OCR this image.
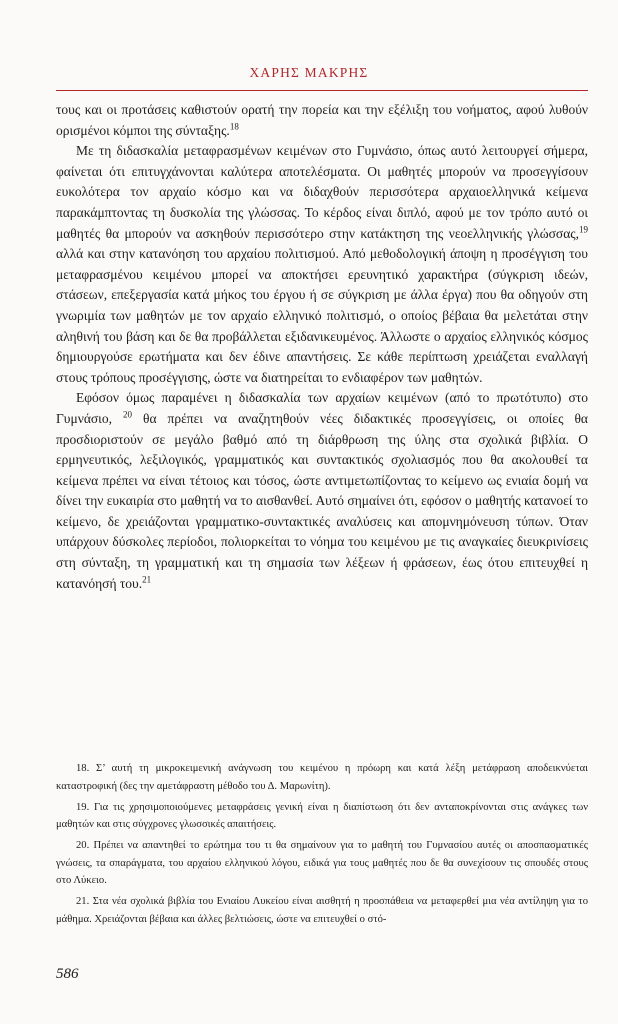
ΧΑΡΗΣ ΜΑΚΡΗΣ

τους και οι προτάσεις καθιστούν ορατή την πορεία και την εξέλιξη του νοήματος, αφού λυθούν ορισμένοι κόμποι της σύνταξης.$^{18}$

Με τη διδασκαλία μεταφρασμένων κειμένων στο Γυμνάσιο, όπως αυτό λειτουργεί σήμερα, φαίνεται ότι επιτυγχάνονται καλύτερα αποτελέσματα. Οι μαθητές μπορούν να προσεγγίσουν ευκολότερα τον αρχαίο κόσμο και να διδαχθούν περισσότερα αρχαιοελληνικά κείμενα παρακάμπτοντας τη δυσκολία της γλώσσας. Το κέρδος είναι διπλό, αφού με τον τρόπο αυτό οι μαθητές θα μπορούν να ασκηθούν περισσότερο στην κατάκτηση της νεοελληνικής γλώσσας,$^{19}$ αλλά και στην κατανόηση του αρχαίου πολιτισμού. Από μεθοδολογική άποψη η προσέγγιση του μεταφρασμένου κειμένου μπορεί να αποκτήσει ερευνητικό χαρακτήρα (σύγκριση ιδεών, στάσεων, επεξεργασία κατά μήκος του έργου ή σε σύγκριση με άλλα έργα) που θα οδηγούν στη γνωριμία των μαθητών με τον αρχαίο ελληνικό πολιτισμό, ο οποίος βέβαια θα μελετάται στην αληθινή του βάση και δε θα προβάλλεται εξιδανικευμένος. Άλλωστε ο αρχαίος ελληνικός κόσμος δημιουργούσε ερωτήματα και δεν έδινε απαντήσεις. Σε κάθε περίπτωση χρειάζεται εναλλαγή στους τρόπους προσέγγισης, ώστε να διατηρείται το ενδιαφέρον των μαθητών.

Εφόσον όμως παραμένει η διδασκαλία των αρχαίων κειμένων (από το πρωτότυπο) στο Γυμνάσιο, $^{20}$ θα πρέπει να αναζητηθούν νέες διδακτικές προσεγγίσεις, οι οποίες θα προσδιοριστούν σε μεγάλο βαθμό από τη διάρθρωση της ύλης στα σχολικά βιβλία. Ο ερμηνευτικός, λεξιλογικός, γραμματικός και συντακτικός σχολιασμός που θα ακολουθεί τα κείμενα πρέπει να είναι τέτοιος και τόσος, ώστε αντιμετωπίζοντας το κείμενο ως ενιαία δομή να δίνει την ευκαιρία στο μαθητή να το αισθανθεί. Αυτό σημαίνει ότι, εφόσον ο μαθητής κατανοεί το κείμενο, δε χρειάζονται γραμματικο-συντακτικές αναλύσεις και απομνημόνευση τύπων. Όταν υπάρχουν δύσκολες περίοδοι, πολιορκείται το νόημα του κειμένου με τις αναγκαίες διευκρινίσεις στη σύνταξη, τη γραμματική και τη σημασία των λέξεων ή φράσεων, έως ότου επιτευχθεί η κατανόησή του.$^{21}$

18. Σ’ αυτή τη μικροκειμενική ανάγνωση του κειμένου η πρόωρη και κατά λέξη μετάφραση αποδεικνύεται καταστροφική (δες την αμετάφραστη μέθοδο του Δ. Μαρωνίτη).

19. Για τις χρησιμοποιούμενες μεταφράσεις γενική είναι η διαπίστωση ότι δεν ανταποκρίνονται στις ανάγκες των μαθητών και στις σύγχρονες γλωσσικές απαιτήσεις.

20. Πρέπει να απαντηθεί το ερώτημα του τι θα σημαίνουν για το μαθητή του Γυμνασίου αυτές οι αποσπασματικές γνώσεις, τα σπαράγματα, του αρχαίου ελληνικού λόγου, ειδικά για τους μαθητές που δε θα συνεχίσουν τις σπουδές στους στο Λύκειο.

21. Στα νέα σχολικά βιβλία του Ενιαίου Λυκείου είναι αισθητή η προσπάθεια να μεταφερθεί μια νέα αντίληψη για το μάθημα. Χρειάζονται βέβαια και άλλες βελτιώσεις, ώστε να επιτευχθεί ο στό-

586
